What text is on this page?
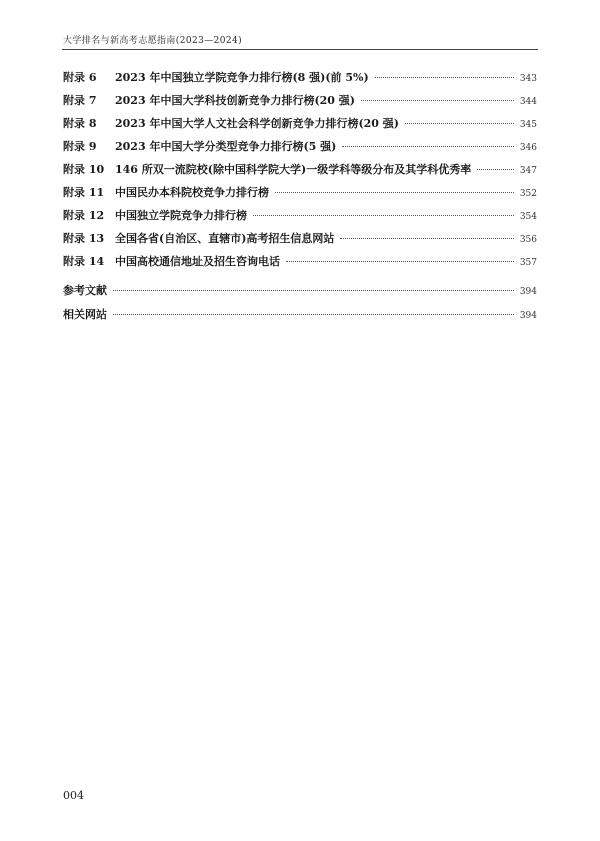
大学排名与新高考志愿指南(2023—2024)
附录 6	2023 年中国独立学院竞争力排行榜(8 强)(前 5%)	343
附录 7	2023 年中国大学科技创新竞争力排行榜(20 强)	344
附录 8	2023 年中国大学人文社会科学创新竞争力排行榜(20 强)	345
附录 9	2023 年中国大学分类型竞争力排行榜(5 强)	346
附录 10 146 所双一流院校(除中国科学院大学)一级学科等级分布及其学科优秀率	347
附录 11 中国民办本科院校竞争力排行榜	352
附录 12 中国独立学院竞争力排行榜	354
附录 13 全国各省(自治区、直辖市)高考招生信息网站	356
附录 14 中国高校通信地址及招生咨询电话	357
参考文献	394
相关网站	394
004
